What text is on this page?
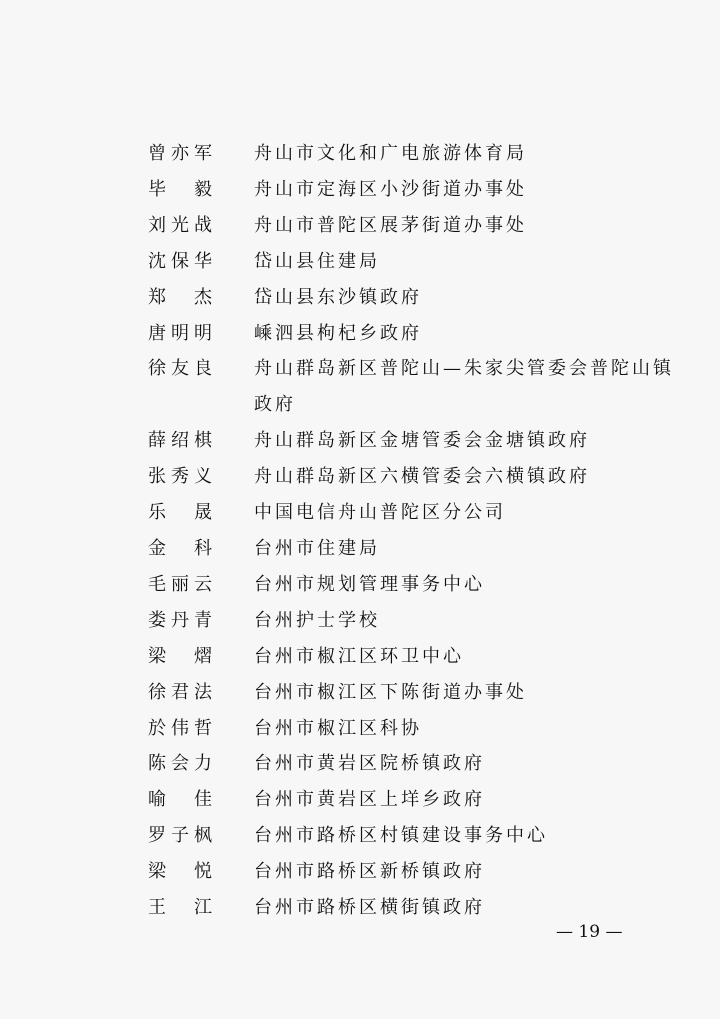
曾亦军	舟山市文化和广电旅游体育局
毕 毅	舟山市定海区小沙街道办事处
刘光战	舟山市普陀区展茅街道办事处
沈保华	岱山县住建局
郑 杰	岱山县东沙镇政府
唐明明	嵊泗县枸杞乡政府
徐友良	舟山群岛新区普陀山—朱家尖管委会普陀山镇政府
薛绍棋	舟山群岛新区金塘管委会金塘镇政府
张秀义	舟山群岛新区六横管委会六横镇政府
乐 晟	中国电信舟山普陀区分公司
金 科	台州市住建局
毛丽云	台州市规划管理事务中心
娄丹青	台州护士学校
梁 熠	台州市椒江区环卫中心
徐君法	台州市椒江区下陈街道办事处
於伟哲	台州市椒江区科协
陈会力	台州市黄岩区院桥镇政府
喻 佳	台州市黄岩区上垟乡政府
罗子枫	台州市路桥区村镇建设事务中心
梁 悦	台州市路桥区新桥镇政府
王 江	台州市路桥区横街镇政府
— 19 —
